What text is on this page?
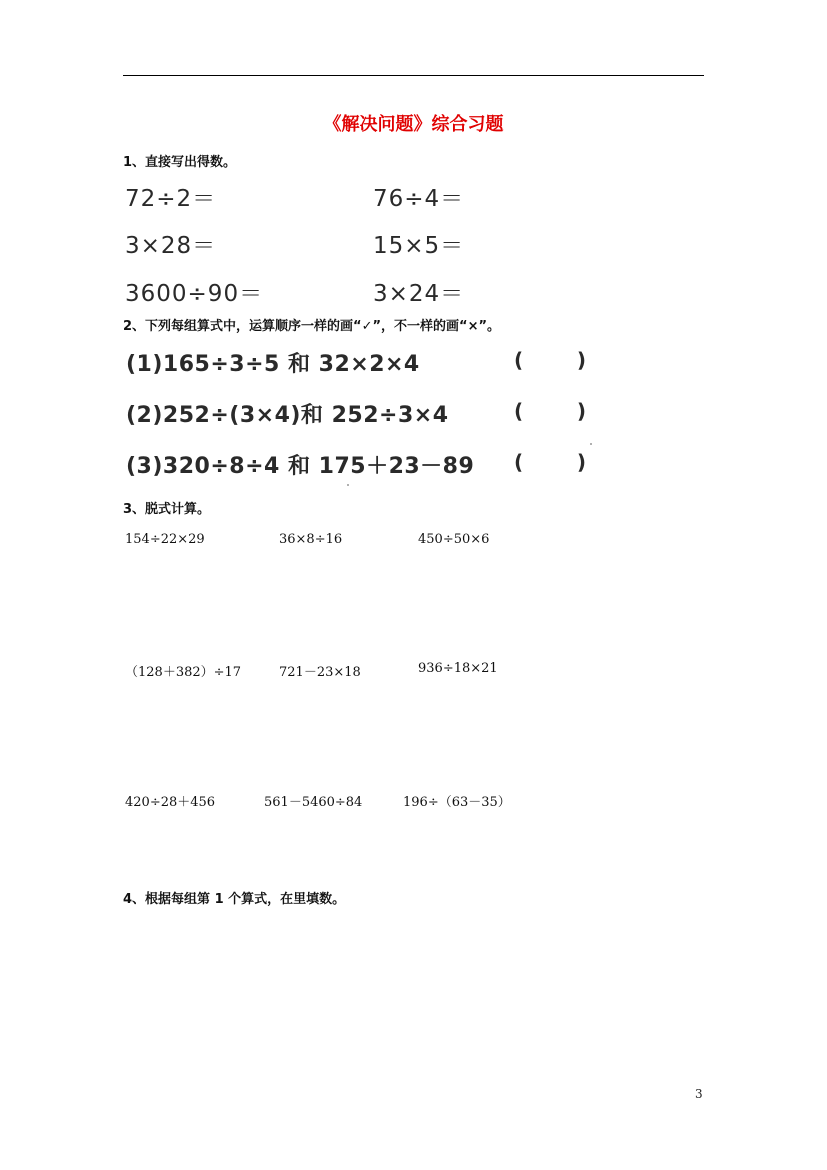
《解决问题》综合习题
1、直接写出得数。
72÷2＝	76÷4＝
3×28＝	15×5＝
3600÷90＝	3×24＝
2、下列每组算式中，运算顺序一样的画“✓”，不一样的画“×”。
(1)165÷3÷5 和 32×2×4	(	)
(2)252÷(3×4)和 252÷3×4	(	)
(3)320÷8÷4 和 175＋23－89 (	)
3、脱式计算。
154÷22×29	36×8÷16	450÷50×6
（128＋382）÷17	721－23×18	936÷18×21
420÷28＋456	561－5460÷84	196÷（63－35）
4、根据每组第 1 个算式，在里填数。
3
